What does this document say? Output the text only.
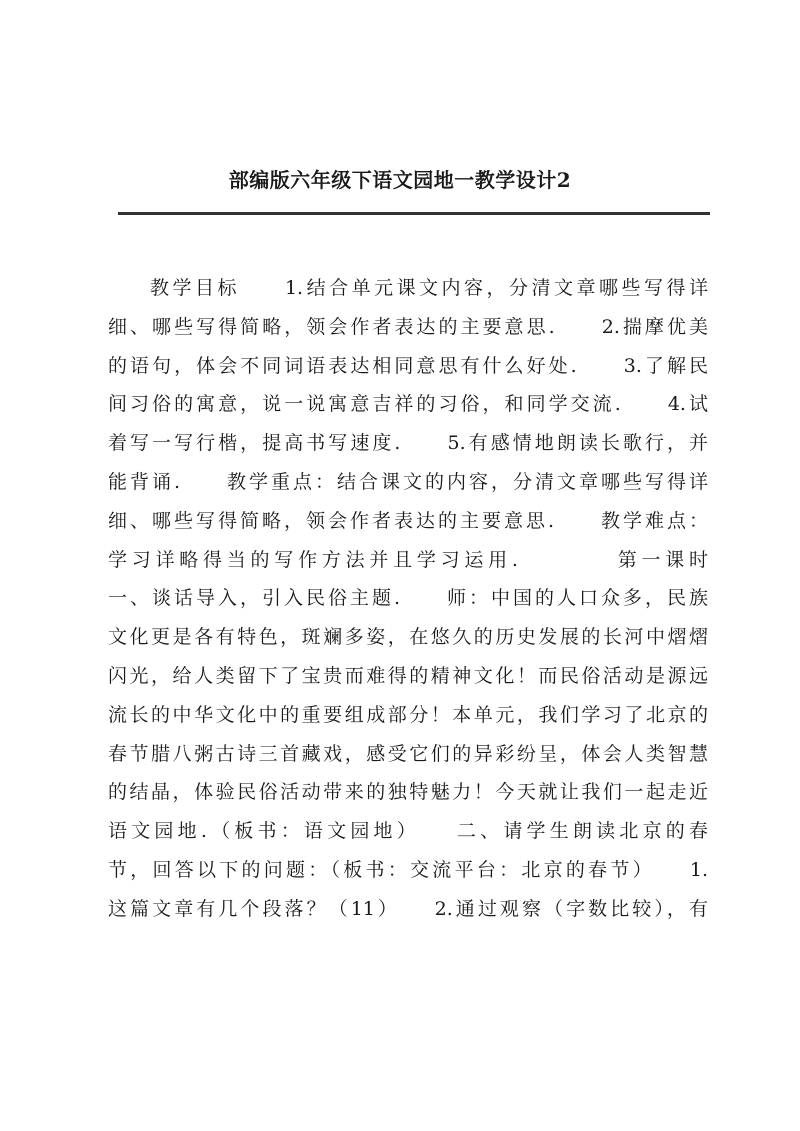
部编版六年级下语文园地一教学设计2
教学目标　　1.结合单元课文内容，分清文章哪些写得详
细、哪些写得简略，领会作者表达的主要意思.　　2.揣摩优美
的语句，体会不同词语表达相同意思有什么好处.　　3.了解民
间习俗的寓意，说一说寓意吉祥的习俗，和同学交流.　　4.试
着写一写行楷，提高书写速度.　　5.有感情地朗读长歌行，并
能背诵.　　教学重点：结合课文的内容，分清文章哪些写得详
细、哪些写得简略，领会作者表达的主要意思.　　教学难点：
学习详略得当的写作方法并且学习运用.　　　　第一课时
一、谈话导入，引入民俗主题.　　师：中国的人口众多，民族
文化更是各有特色，斑斓多姿，在悠久的历史发展的长河中熠熠
闪光，给人类留下了宝贵而难得的精神文化！而民俗活动是源远
流长的中华文化中的重要组成部分！本单元，我们学习了北京的
春节腊八粥古诗三首藏戏，感受它们的异彩纷呈，体会人类智慧
的结晶，体验民俗活动带来的独特魅力！今天就让我们一起走近
语文园地.（板书：语文园地）　　二、请学生朗读北京的春
节，回答以下的问题：（板书：交流平台：北京的春节）　　1.
这篇文章有几个段落？（11）　　2.通过观察（字数比较），有
